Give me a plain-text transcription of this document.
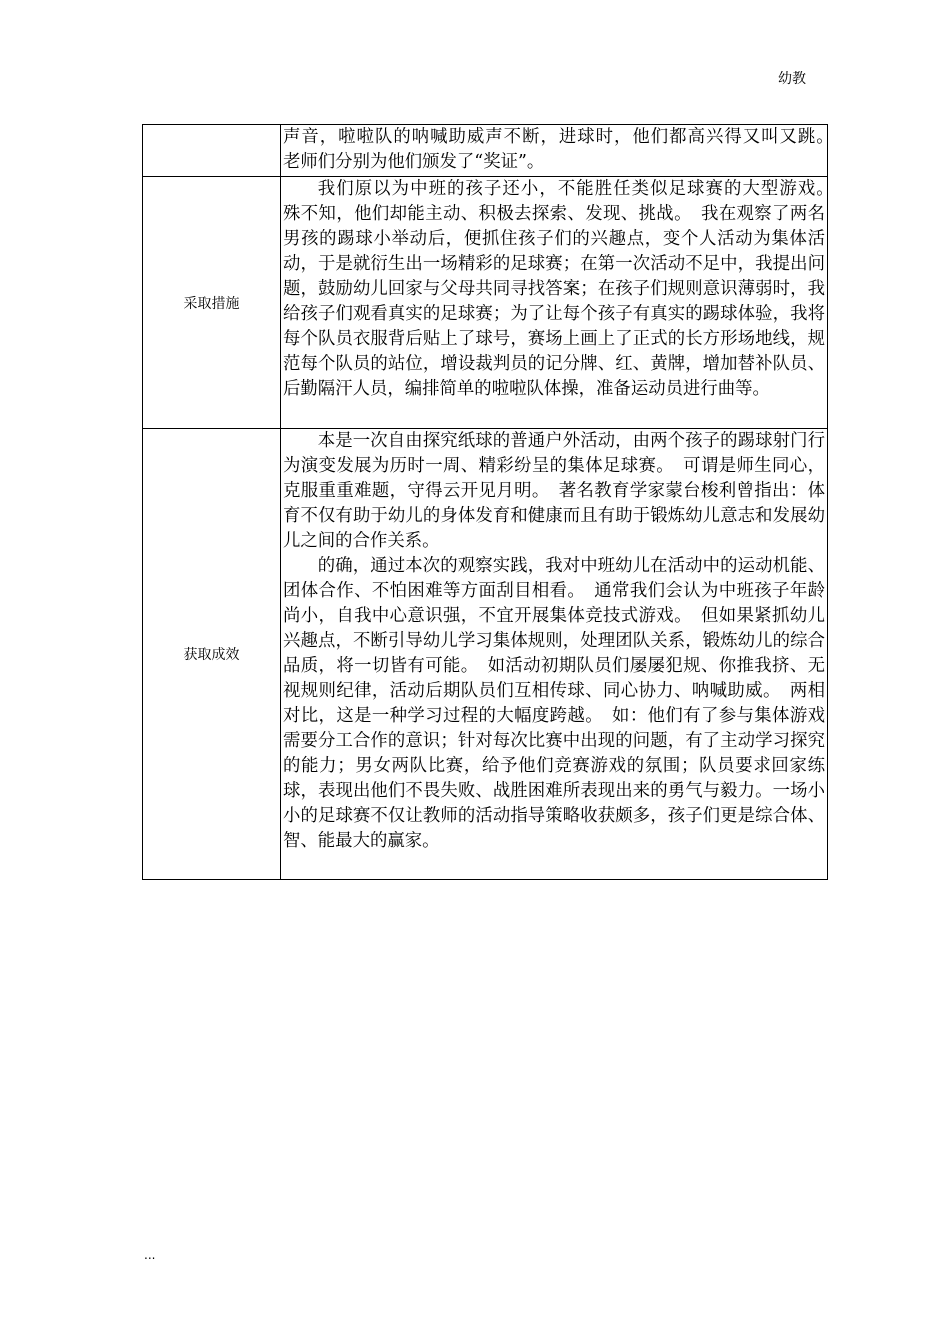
幼教

	声音，啦啦队的呐喊助威声不断，进球时，他们都高兴得又叫又跳。　老师们分别为他们颁发了“奖证”。

采取措施	我们原以为中班的孩子还小，不能胜任类似足球赛的大型游戏。　殊不知，他们却能主动、积极去探索、发现、挑战。　我在观察了两名男孩的踢球小举动后，便抓住孩子们的兴趣点，变个人活动为集体活动，于是就衍生出一场精彩的足球赛；在第一次活动不足中，我提出问题，鼓励幼儿回家与父母共同寻找答案；在孩子们规则意识薄弱时，我给孩子们观看真实的足球赛；为了让每个孩子有真实的踢球体验，我将每个队员衣服背后贴上了球号，赛场上画上了正式的长方形场地线，规范每个队员的站位，增设裁判员的记分牌、红、黄牌，增加替补队员、后勤隔汗人员，编排简单的啦啦队体操，准备运动员进行曲等。

获取成效	本是一次自由探究纸球的普通户外活动，由两个孩子的踢球射门行为演变发展为历时一周、精彩纷呈的集体足球赛。　可谓是师生同心，克服重重难题，守得云开见月明。　著名教育学家蒙台梭利曾指出：体育不仅有助于幼儿的身体发育和健康而且有助于锻炼幼儿意志和发展幼儿之间的合作关系。

的确，通过本次的观察实践，我对中班幼儿在活动中的运动机能、团体合作、不怕困难等方面刮目相看。　通常我们会认为中班孩子年龄尚小，自我中心意识强，不宜开展集体竞技式游戏。　但如果紧抓幼儿兴趣点，不断引导幼儿学习集体规则，处理团队关系，锻炼幼儿的综合品质，将一切皆有可能。　如活动初期队员们屡屡犯规、你推我挤、无视规则纪律，活动后期队员们互相传球、同心协力、呐喊助威。　两相对比，这是一种学习过程的大幅度跨越。　如：他们有了参与集体游戏需要分工合作的意识；针对每次比赛中出现的问题，有了主动学习探究的能力；男女两队比赛，给予他们竞赛游戏的氛围；队员要求回家练球，表现出他们不畏失败、战胜困难所表现出来的勇气与毅力。一场小小的足球赛不仅让教师的活动指导策略收获颇多，孩子们更是综合体、智、能最大的赢家。

...
